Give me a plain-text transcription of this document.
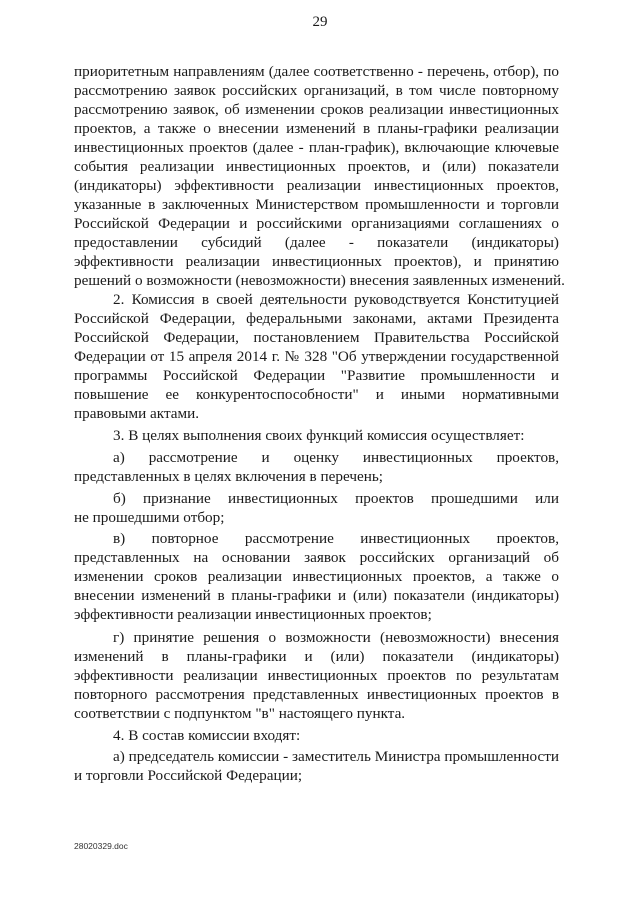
29
приоритетным направлениям (далее соответственно - перечень, отбор), по
рассмотрению заявок российских организаций, в том числе повторному
рассмотрению заявок, об изменении сроков реализации инвестиционных
проектов, а также о внесении изменений в планы-графики реализации
инвестиционных проектов (далее - план-график), включающие ключевые
события реализации инвестиционных проектов, и (или) показатели
(индикаторы) эффективности реализации инвестиционных проектов,
указанные в заключенных Министерством промышленности и торговли
Российской Федерации и российскими организациями соглашениях о
предоставлении субсидий (далее - показатели (индикаторы)
эффективности реализации инвестиционных проектов), и принятию
решений о возможности (невозможности) внесения заявленных изменений.
2. Комиссия в своей деятельности руководствуется Конституцией
Российской Федерации, федеральными законами, актами Президента
Российской Федерации, постановлением Правительства Российской
Федерации от 15 апреля 2014 г. № 328 "Об утверждении государственной
программы Российской Федерации "Развитие промышленности и
повышение ее конкурентоспособности" и иными нормативными
правовыми актами.
3. В целях выполнения своих функций комиссия осуществляет:
а) рассмотрение и оценку инвестиционных проектов,
представленных в целях включения в перечень;
б) признание инвестиционных проектов прошедшими или
не прошедшими отбор;
в) повторное рассмотрение инвестиционных проектов,
представленных на основании заявок российских организаций об
изменении сроков реализации инвестиционных проектов, а также о
внесении изменений в планы-графики и (или) показатели (индикаторы)
эффективности реализации инвестиционных проектов;
г) принятие решения о возможности (невозможности) внесения
изменений в планы-графики и (или) показатели (индикаторы)
эффективности реализации инвестиционных проектов по результатам
повторного рассмотрения представленных инвестиционных проектов в
соответствии с подпунктом "в" настоящего пункта.
4. В состав комиссии входят:
а) председатель комиссии - заместитель Министра промышленности
и торговли Российской Федерации;
28020329.doc
